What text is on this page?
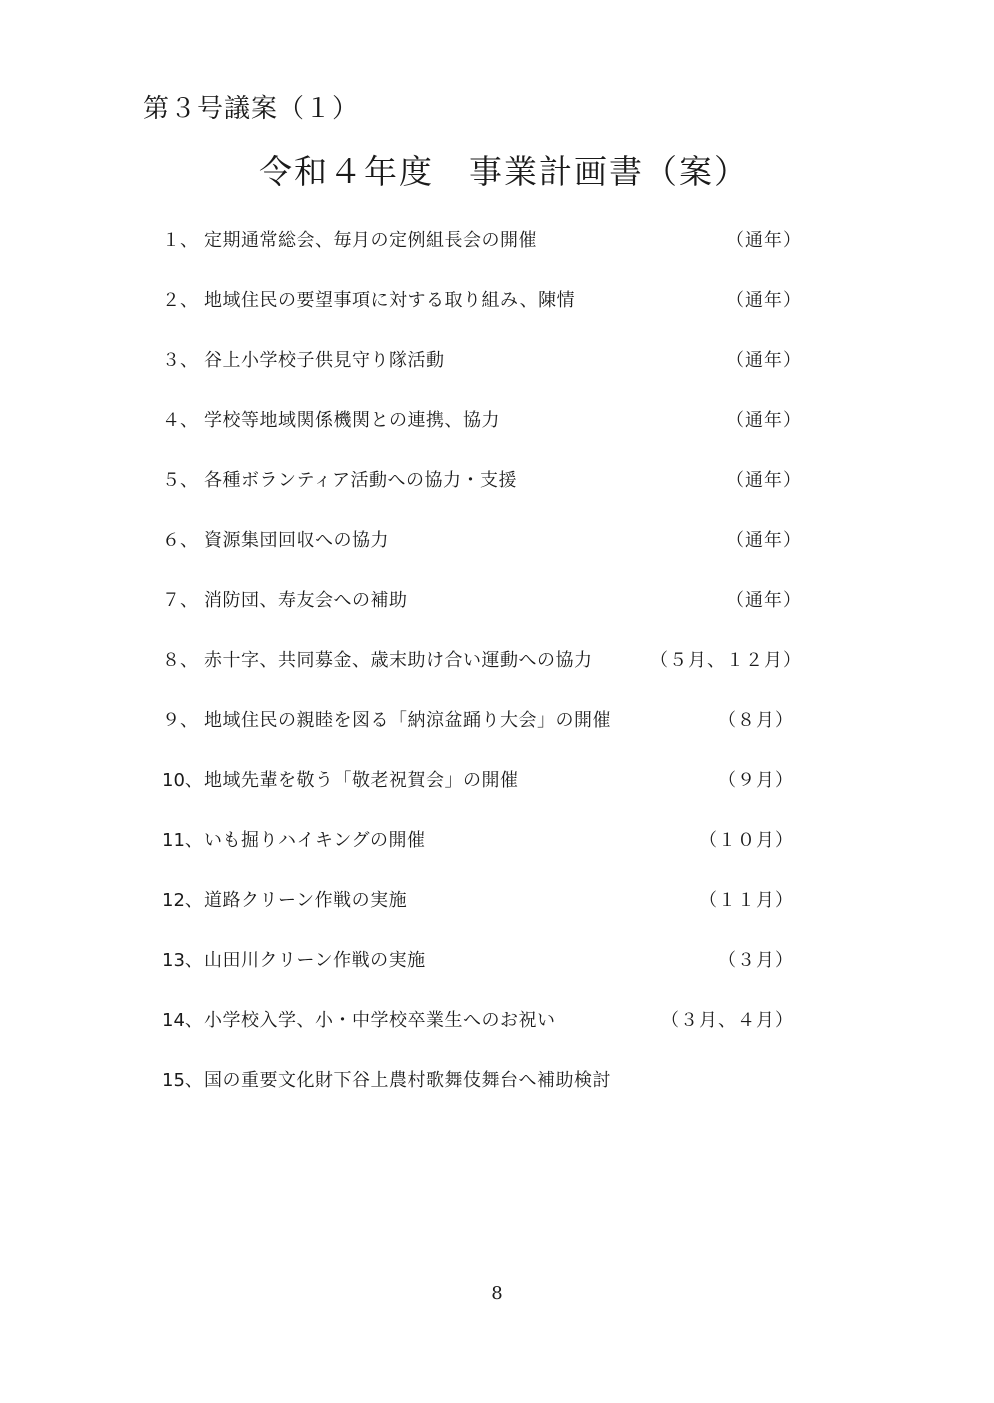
第３号議案（１）
令和４年度　事業計画書（案）
１、 定期通常総会、毎月の定例組長会の開催	（通年）
２、 地域住民の要望事項に対する取り組み、陳情	（通年）
３、 谷上小学校子供見守り隊活動	（通年）
４、 学校等地域関係機関との連携、協力	（通年）
５、 各種ボランティア活動への協力・支援	（通年）
６、 資源集団回収への協力	（通年）
７、 消防団、寿友会への補助	（通年）
８、 赤十字、共同募金、歳末助け合い運動への協力	（５月、１２月）
９、 地域住民の親睦を図る「納涼盆踊り大会」の開催	（８月）
10、地域先輩を敬う「敬老祝賀会」の開催	（９月）
11、いも掘りハイキングの開催	（１０月）
12、道路クリーン作戦の実施	（１１月）
13、山田川クリーン作戦の実施	（３月）
14、小学校入学、小・中学校卒業生へのお祝い	（３月、４月）
15、国の重要文化財下谷上農村歌舞伎舞台へ補助検討
8
